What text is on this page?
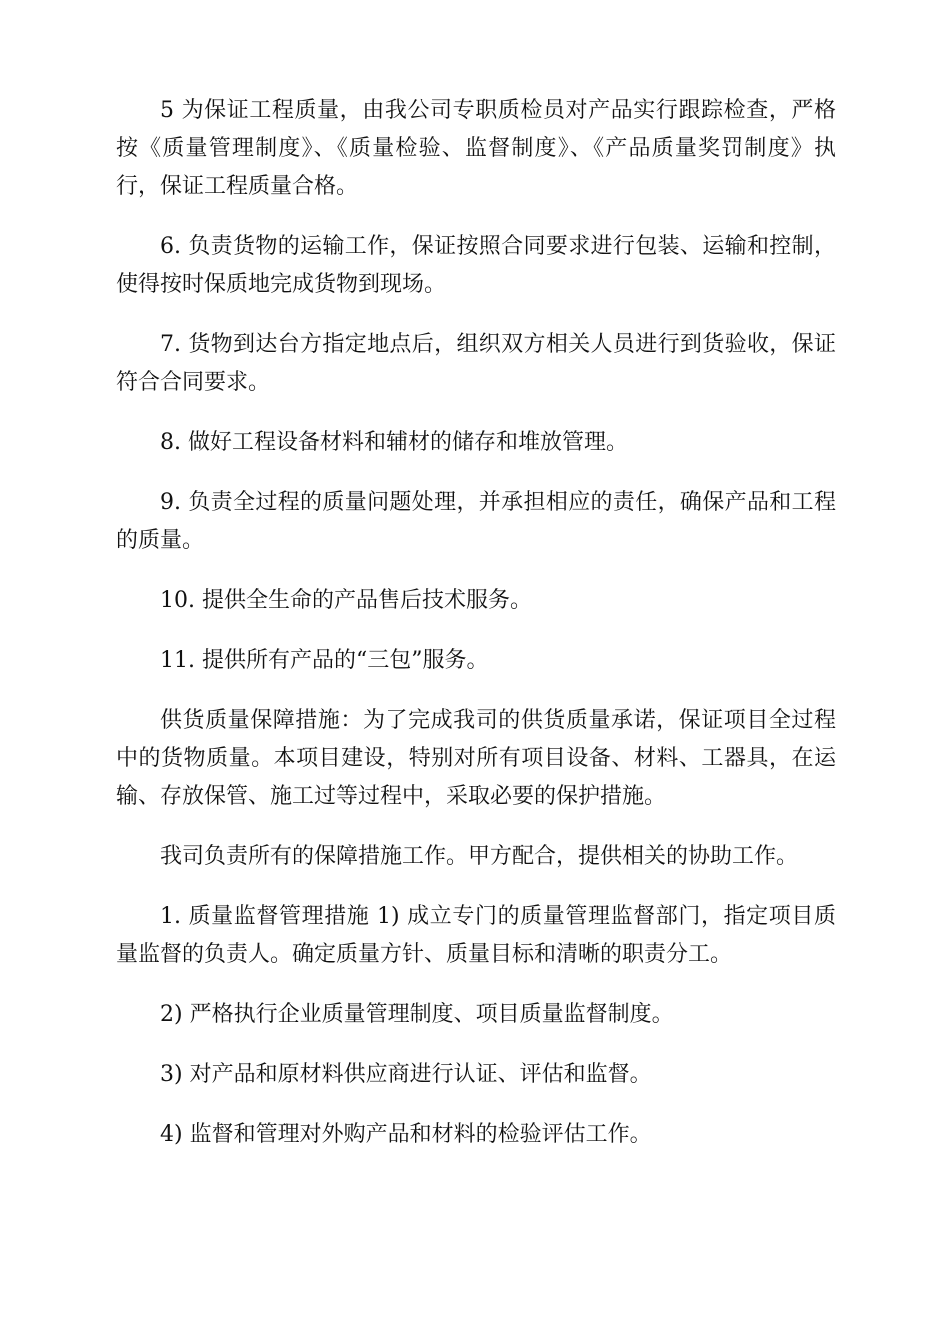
5 为保证工程质量，由我公司专职质检员对产品实行跟踪检查，严格按《质量管理制度》、《质量检验、监督制度》、《产品质量奖罚制度》执行，保证工程质量合格。

6. 负责货物的运输工作，保证按照合同要求进行包装、运输和控制，使得按时保质地完成货物到现场。

7. 货物到达台方指定地点后，组织双方相关人员进行到货验收，保证符合合同要求。

8. 做好工程设备材料和辅材的储存和堆放管理。

9. 负责全过程的质量问题处理，并承担相应的责任，确保产品和工程的质量。

10. 提供全生命的产品售后技术服务。

11. 提供所有产品的“三包”服务。

供货质量保障措施：为了完成我司的供货质量承诺，保证项目全过程中的货物质量。本项目建设，特别对所有项目设备、材料、工器具，在运输、存放保管、施工过等过程中，采取必要的保护措施。

我司负责所有的保障措施工作。甲方配合，提供相关的协助工作。

1. 质量监督管理措施 1) 成立专门的质量管理监督部门，指定项目质量监督的负责人。确定质量方针、质量目标和清晰的职责分工。

2) 严格执行企业质量管理制度、项目质量监督制度。

3) 对产品和原材料供应商进行认证、评估和监督。

4) 监督和管理对外购产品和材料的检验评估工作。
